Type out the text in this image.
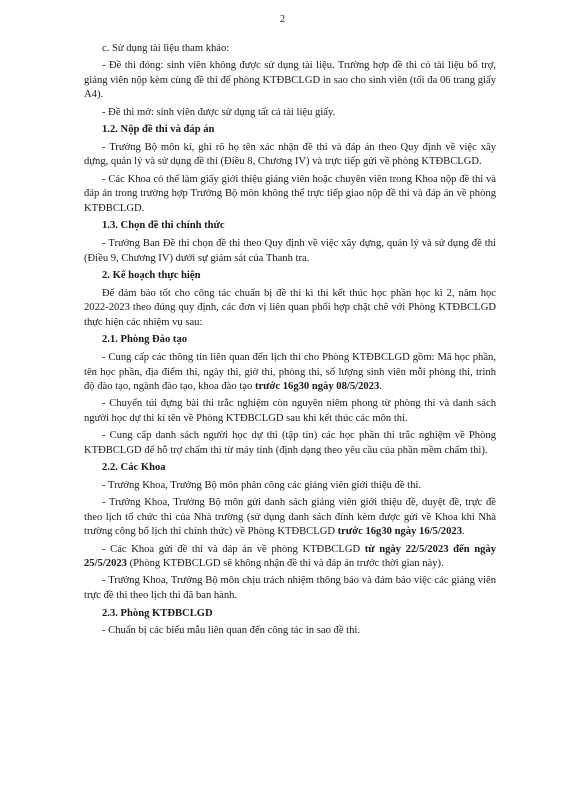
2

c. Sử dụng tài liệu tham khảo:

- Đề thi đóng: sinh viên không được sử dụng tài liệu. Trường hợp đề thi có tài liệu bổ trợ, giảng viên nộp kèm cùng đề thi để phòng KTĐBCLGD in sao cho sinh viên (tối đa 06 trang giấy A4).

- Đề thi mở: sinh viên được sử dụng tất cả tài liệu giấy.

1.2. Nộp đề thi và đáp án

- Trưởng Bộ môn kí, ghi rõ họ tên xác nhận đề thi và đáp án theo Quy định về việc xây dựng, quản lý và sử dụng đề thi (Điều 8, Chương IV) và trực tiếp gửi về phòng KTĐBCLGD.

- Các Khoa có thể làm giấy giới thiệu giảng viên hoặc chuyên viên trong Khoa nộp đề thi và đáp án trong trường hợp Trưởng Bộ môn không thể trực tiếp giao nộp đề thi và đáp án về phòng KTĐBCLGD.

1.3. Chọn đề thi chính thức

- Trưởng Ban Đề thi chọn đề thi theo Quy định về việc xây dựng, quản lý và sử dụng đề thi (Điều 9, Chương IV) dưới sự giám sát của Thanh tra.

2. Kế hoạch thực hiện

Để đảm bảo tốt cho công tác chuẩn bị đề thi kì thi kết thúc học phần học kì 2, năm học 2022-2023 theo đúng quy định, các đơn vị liên quan phối hợp chặt chẽ với Phòng KTĐBCLGD thực hiện các nhiệm vụ sau:

2.1. Phòng Đào tạo

- Cung cấp các thông tin liên quan đến lịch thi cho Phòng KTĐBCLGD gồm: Mã học phần, tên học phần, địa điểm thi, ngày thi, giờ thi, phòng thi, số lượng sinh viên mỗi phòng thi, trình độ đào tạo, ngành đào tạo, khoa đào tạo trước 16g30 ngày 08/5/2023.

- Chuyển túi đựng bài thi trắc nghiệm còn nguyên niêm phong từ phòng thi và danh sách người học dự thi kí tên về Phòng KTĐBCLGD sau khi kết thúc các môn thi.

- Cung cấp danh sách người học dự thi (tập tin) các học phần thi trắc nghiệm về Phòng KTĐBCLGD để hỗ trợ chấm thi từ máy tính (định dạng theo yêu cầu của phần mềm chấm thi).

2.2. Các Khoa

- Trưởng Khoa, Trưởng Bộ môn phân công các giảng viên giới thiệu đề thi.

- Trưởng Khoa, Trưởng Bộ môn gửi danh sách giảng viên giới thiệu đề, duyệt đề, trực đề theo lịch tổ chức thi của Nhà trường (sử dụng danh sách đính kèm được gửi về Khoa khi Nhà trường công bố lịch thi chính thức) về Phòng KTĐBCLGD trước 16g30 ngày 16/5/2023.

- Các Khoa gửi đề thi và đáp án về phòng KTĐBCLGD từ ngày 22/5/2023 đến ngày 25/5/2023 (Phòng KTĐBCLGD sẽ không nhận đề thi và đáp án trước thời gian này).

- Trưởng Khoa, Trưởng Bộ môn chịu trách nhiệm thông báo và đảm bảo việc các giảng viên trực đề thi theo lịch thi đã ban hành.

2.3. Phòng KTĐBCLGD

- Chuẩn bị các biểu mẫu liên quan đến công tác in sao đề thi.
